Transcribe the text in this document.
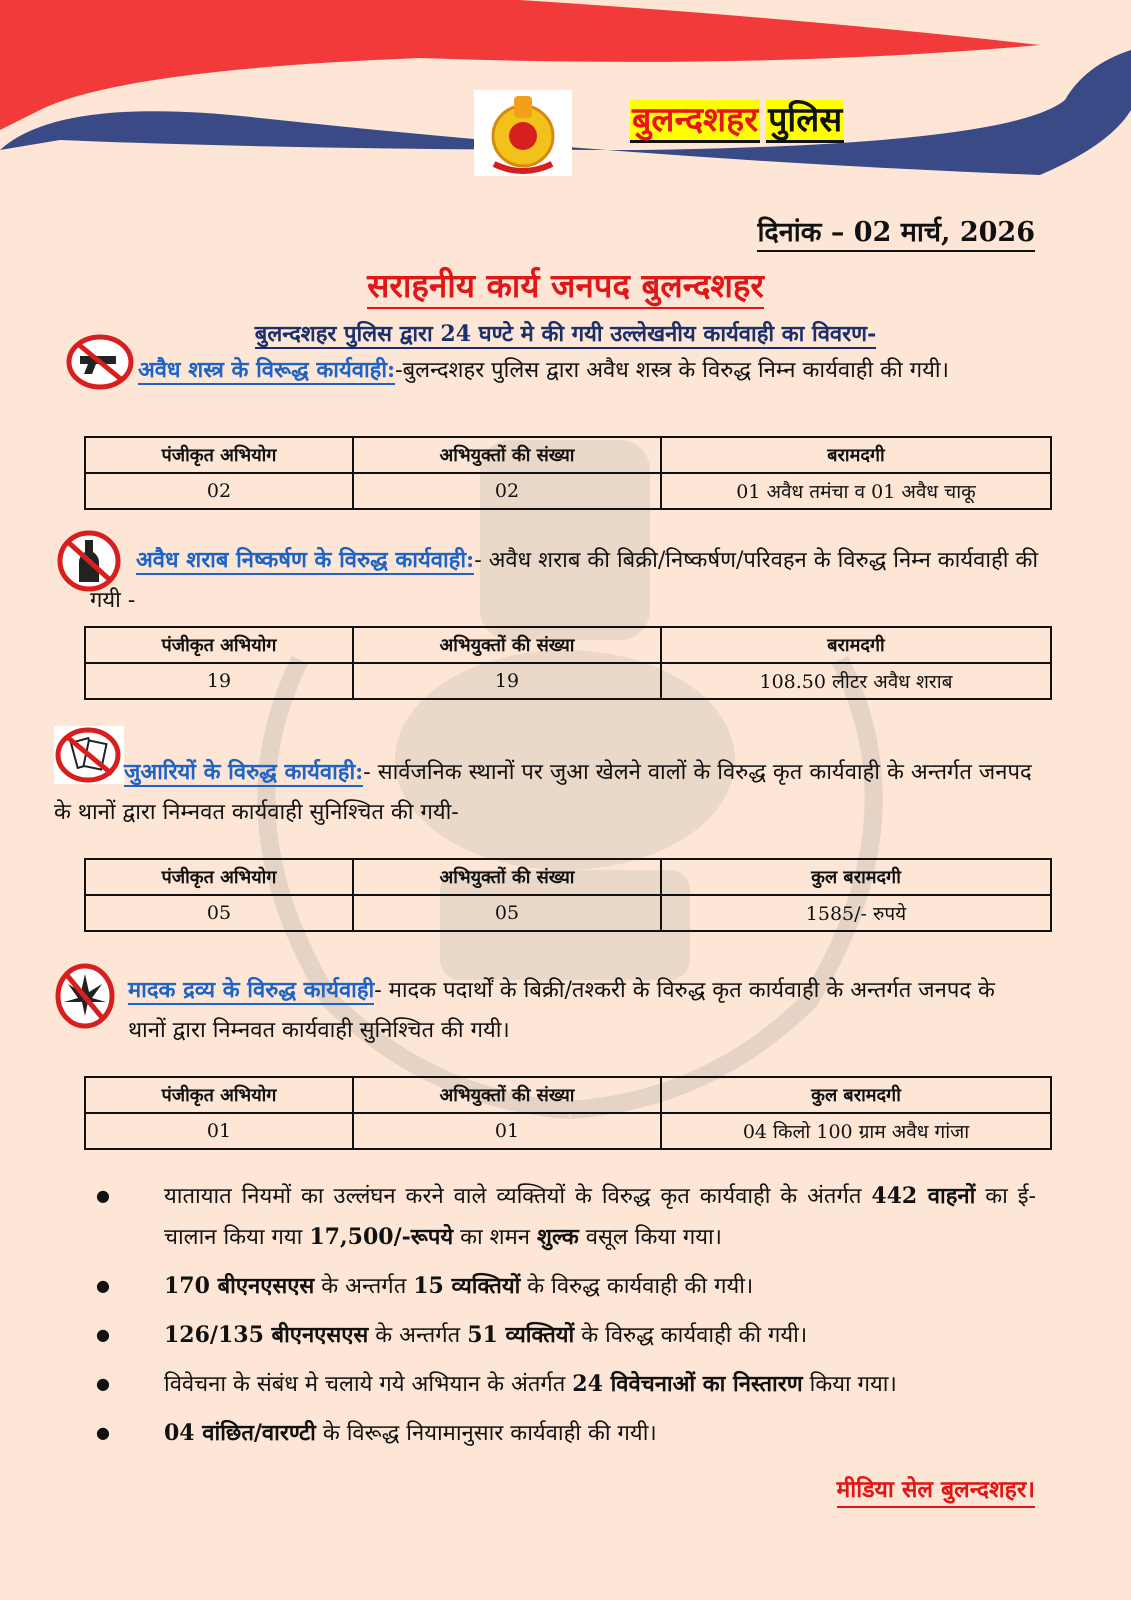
बुलन्दशहर पुलिस
दिनांक – 02 मार्च, 2026
सराहनीय कार्य जनपद बुलन्दशहर
बुलन्दशहर पुलिस द्वारा 24 घण्टे मे की गयी उल्लेखनीय कार्यवाही का विवरण-
अवैध शस्त्र के विरूद्ध कार्यवाही:-बुलन्दशहर पुलिस द्वारा अवैध शस्त्र के विरुद्ध निम्न कार्यवाही की गयी।
पंजीकृत अभियोग	अभियुक्तों की संख्या	बरामदगी
02	02	01 अवैध तमंचा व 01 अवैध चाकू
अवैध शराब निष्कर्षण के विरुद्ध कार्यवाही:- अवैध शराब की बिक्री/निष्कर्षण/परिवहन के विरुद्ध निम्न कार्यवाही की गयी -
पंजीकृत अभियोग	अभियुक्तों की संख्या	बरामदगी
19	19	108.50 लीटर अवैध शराब
जुआरियों के विरुद्ध कार्यवाही:- सार्वजनिक स्थानों पर जुआ खेलने वालों के विरुद्ध कृत कार्यवाही के अन्तर्गत जनपद के थानों द्वारा निम्नवत कार्यवाही सुनिश्चित की गयी-
पंजीकृत अभियोग	अभियुक्तों की संख्या	कुल बरामदगी
05	05	1585/- रुपये
मादक द्रव्य के विरुद्ध कार्यवाही- मादक पदार्थों के बिक्री/तश्करी के विरुद्ध कृत कार्यवाही के अन्तर्गत जनपद के थानों द्वारा निम्नवत कार्यवाही सुनिश्चित की गयी।
पंजीकृत अभियोग	अभियुक्तों की संख्या	कुल बरामदगी
01	01	04 किलो 100 ग्राम अवैध गांजा
● यातायात नियमों का उल्लंघन करने वाले व्यक्तियों के विरुद्ध कृत कार्यवाही के अंतर्गत 442 वाहनों का ई-चालान किया गया 17,500/-रूपये का शमन शुल्क वसूल किया गया।
● 170 बीएनएसएस के अन्तर्गत 15 व्यक्तियों के विरुद्ध कार्यवाही की गयी।
● 126/135 बीएनएसएस के अन्तर्गत 51 व्यक्तियों के विरुद्ध कार्यवाही की गयी।
● विवेचना के संबंध मे चलाये गये अभियान के अंतर्गत 24 विवेचनाओं का निस्तारण किया गया।
● 04 वांछित/वारण्टी के विरूद्ध नियामानुसार कार्यवाही की गयी।
मीडिया सेल बुलन्दशहर।
